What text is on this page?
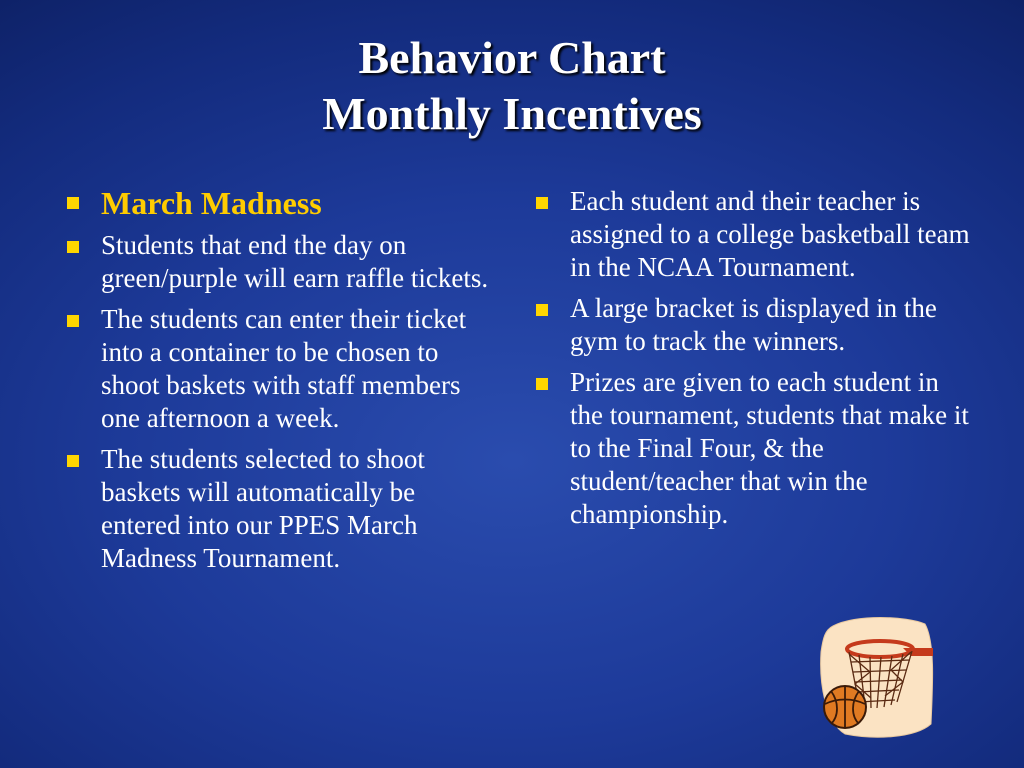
Behavior Chart
Monthly Incentives
March Madness
Students that end the day on green/purple will earn raffle tickets.
The students can enter their ticket into a container to be chosen to shoot baskets with staff members one afternoon a week.
The students selected to shoot baskets will automatically be entered into our PPES March Madness Tournament.
Each student and their teacher is assigned to a college basketball team in the NCAA Tournament.
A large bracket is displayed in the gym to track the winners.
Prizes are given to each student in the tournament, students that make it to the Final Four, & the student/teacher that win the championship.
